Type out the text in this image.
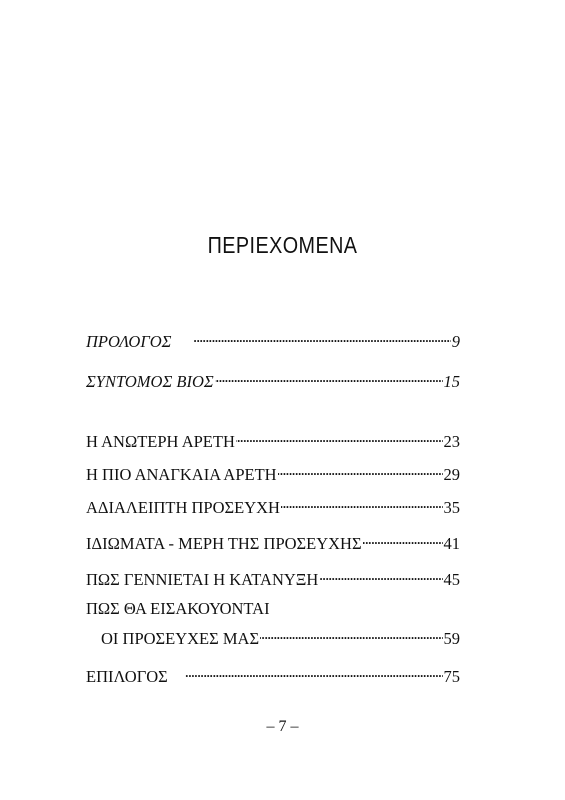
ΠΕΡΙΕΧΟΜΕΝΑ
ΠΡΟΛΟΓΟΣ . . .	9
ΣΥΝΤΟΜΟΣ ΒΙΟΣ . . .	15
Η ΑΝΩΤΕΡΗ ΑΡΕΤΗ . . .	23
Η ΠΙΟ ΑΝΑΓΚΑΙΑ ΑΡΕΤΗ . . .	29
ΑΔΙΑΛΕΙΠΤΗ ΠΡΟΣΕΥΧΗ . . .	35
ΙΔΙΩΜΑΤΑ - ΜΕΡΗ ΤΗΣ ΠΡΟΣΕΥΧΗΣ . . .	41
ΠΩΣ ΓΕΝΝΙΕΤΑΙ Η ΚΑΤΑΝΥΞΗ . . .	45
ΠΩΣ ΘΑ ΕΙΣΑΚΟΥΟΝΤΑΙ
ΟΙ ΠΡΟΣΕΥΧΕΣ ΜΑΣ . . .	59
ΕΠΙΛΟΓΟΣ . . .	75
– 7 –
